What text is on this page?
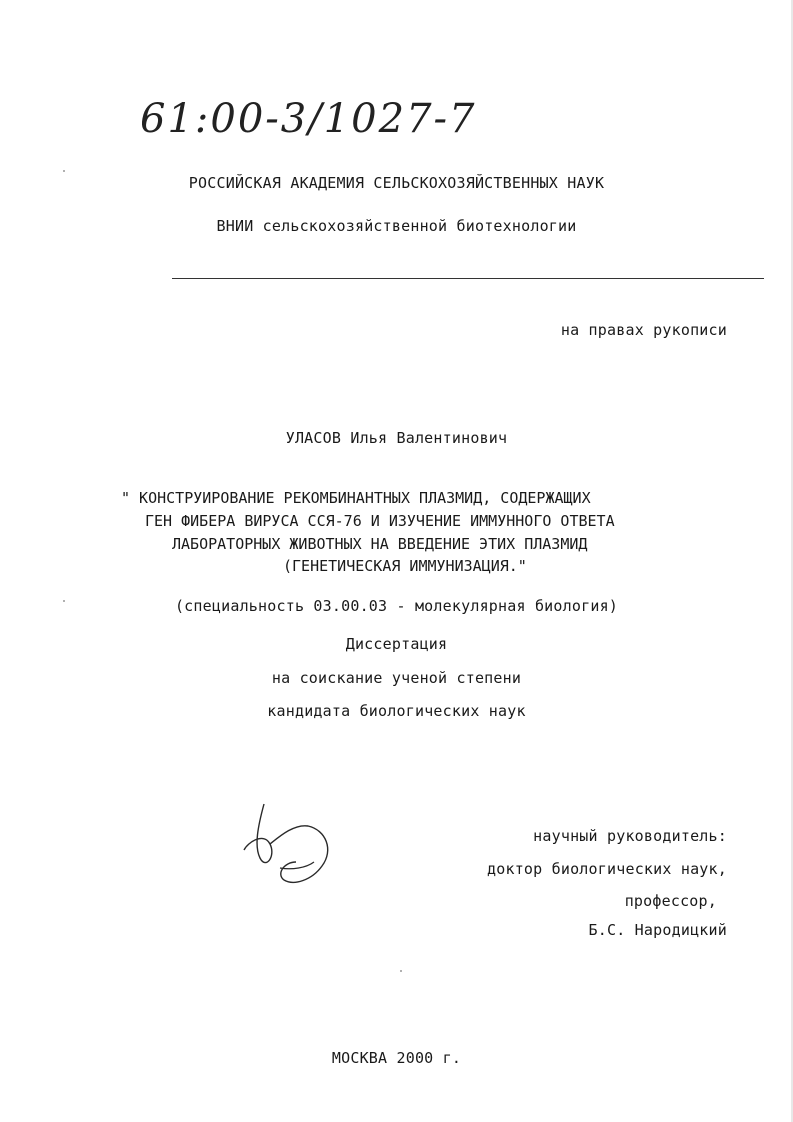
61:00-3/1027-7
РОССИЙСКАЯ АКАДЕМИЯ СЕЛЬСКОХОЗЯЙСТВЕННЫХ НАУК
ВНИИ сельскохозяйственной биотехнологии
на правах рукописи
УЛАСОВ Илья Валентинович
" КОНСТРУИРОВАНИЕ РЕКОМБИНАНТНЫХ ПЛАЗМИД, СОДЕРЖАЩИХ
ГЕН ФИБЕРА ВИРУСА ССЯ-76 И ИЗУЧЕНИЕ ИММУННОГО ОТВЕТА
ЛАБОРАТОРНЫХ ЖИВОТНЫХ НА ВВЕДЕНИЕ ЭТИХ ПЛАЗМИД
(ГЕНЕТИЧЕСКАЯ ИММУНИЗАЦИЯ."
(специальность 03.00.03 - молекулярная биология)
Диссертация
на соискание ученой степени
кандидата биологических наук
научный руководитель:
доктор биологических наук,
профессор,
Б.С. Народицкий
МОСКВА 2000 г.
